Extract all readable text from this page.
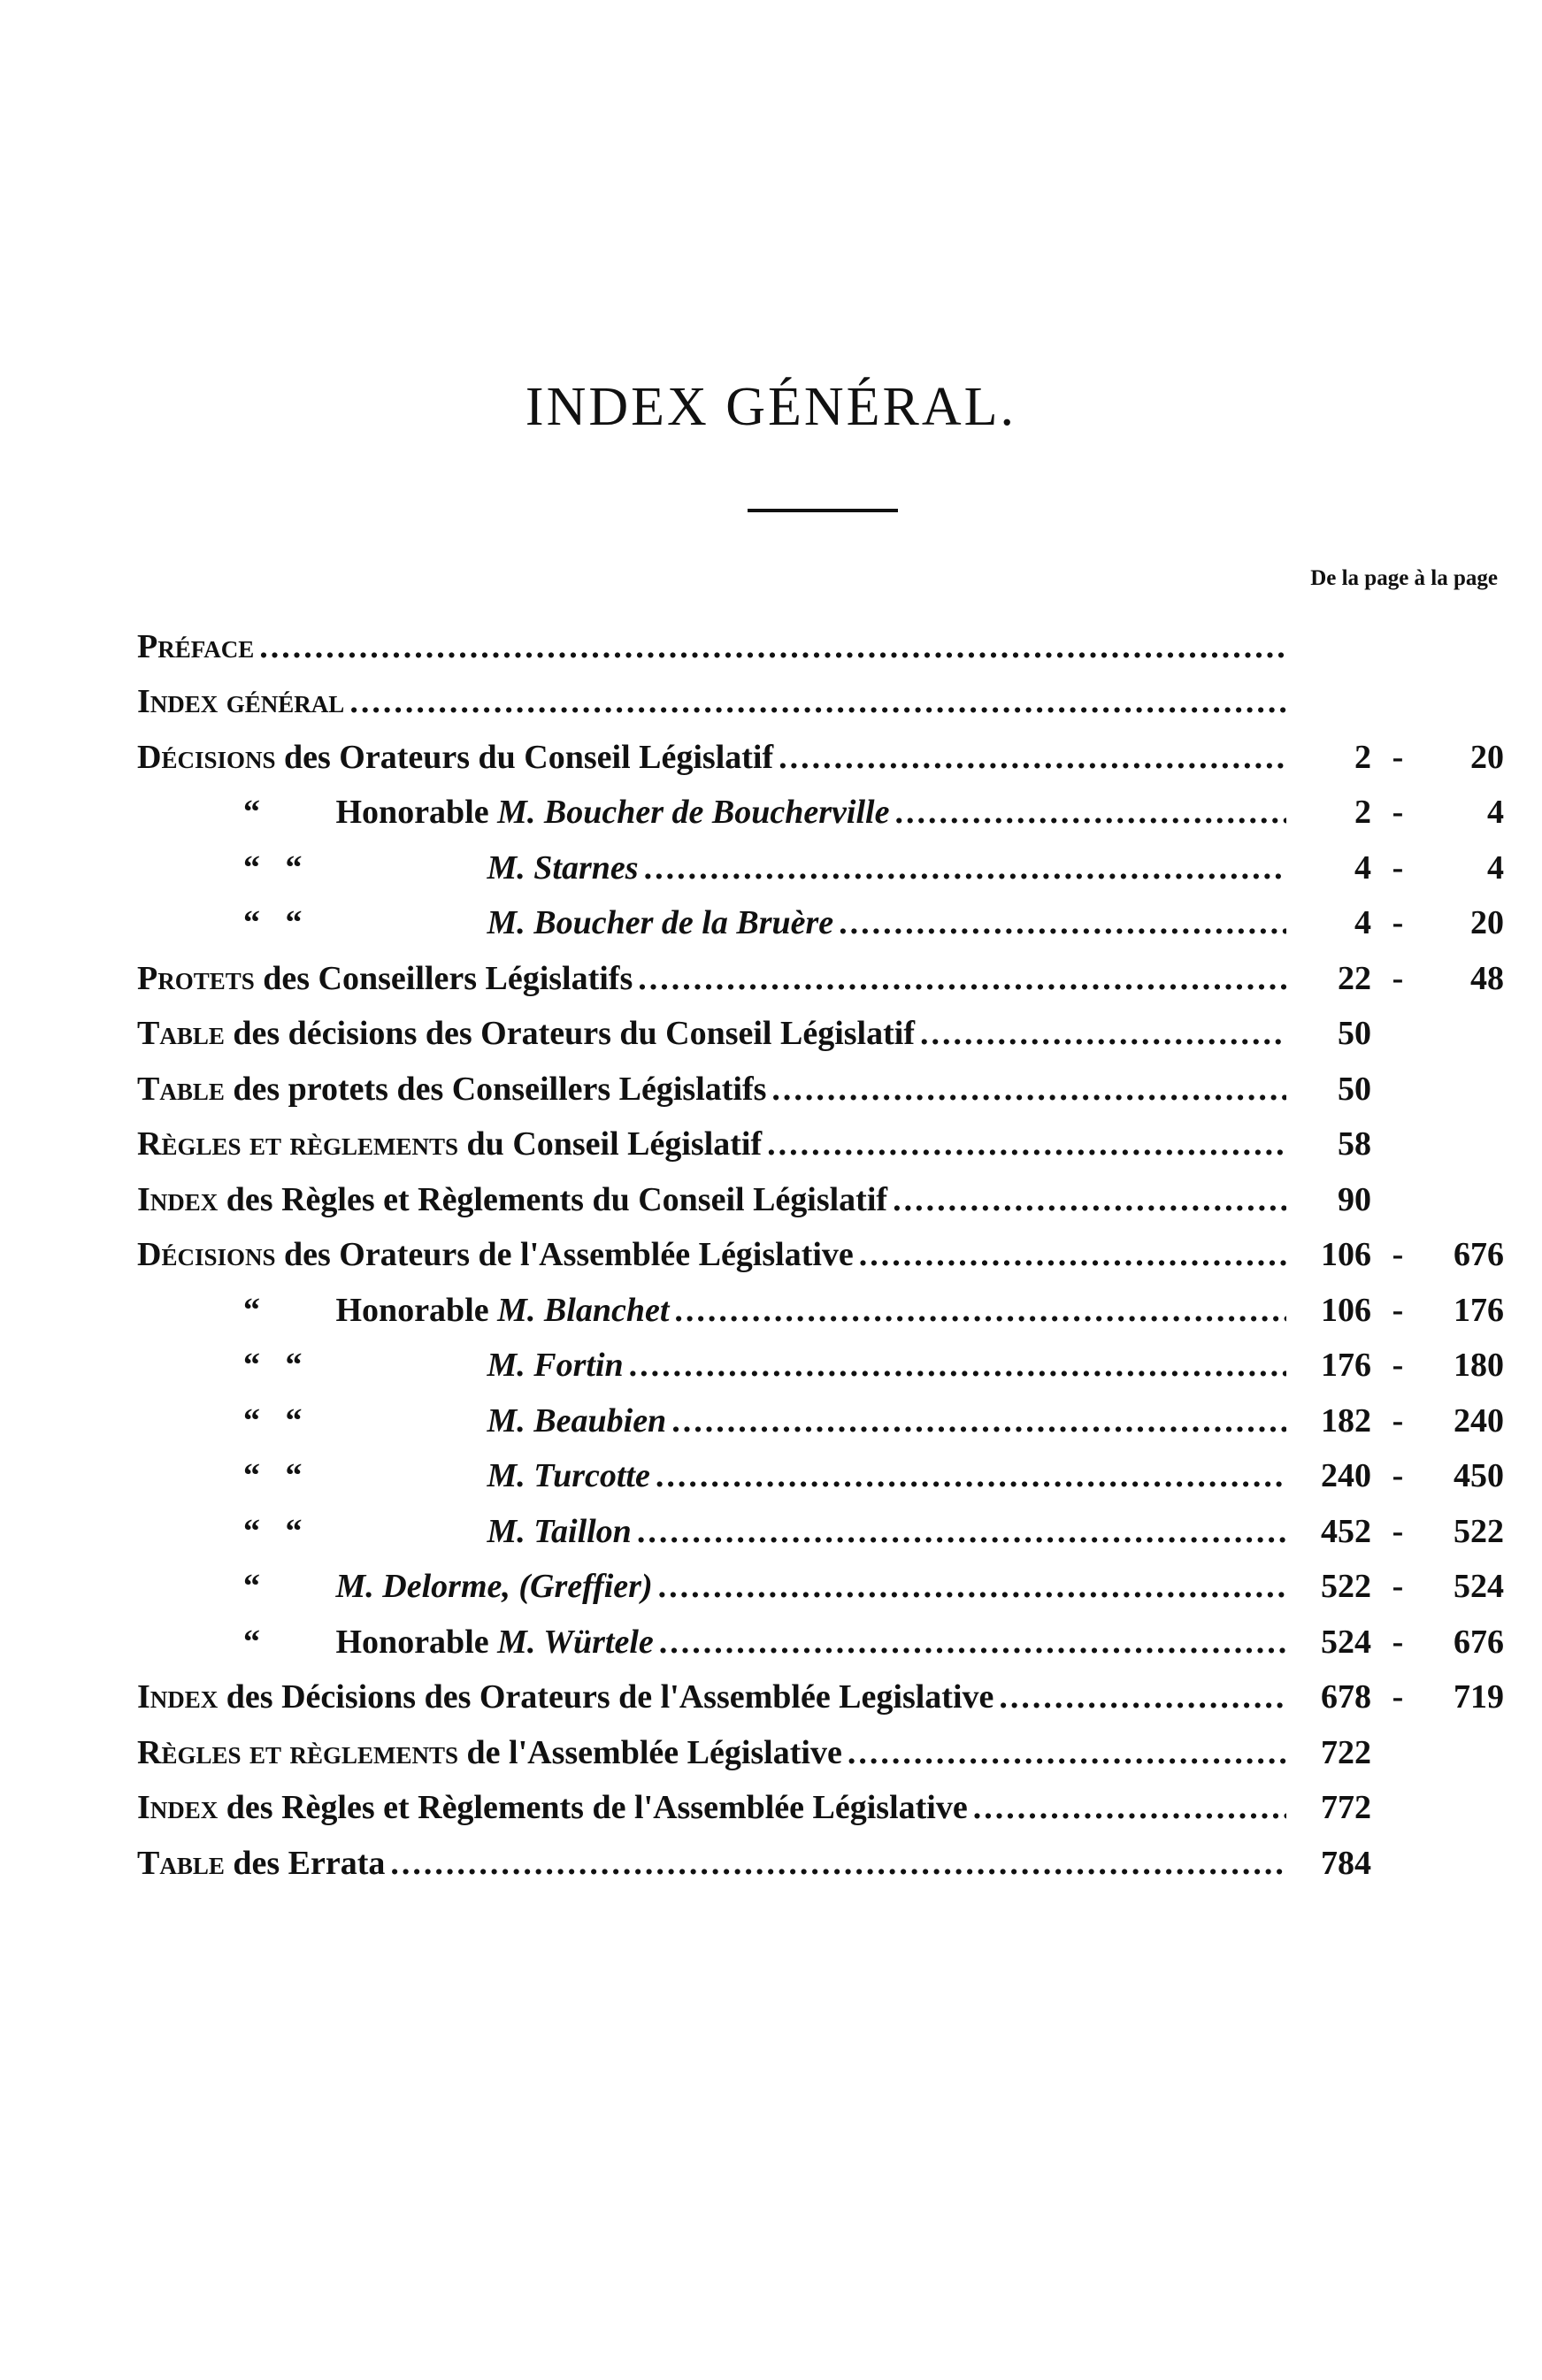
INDEX GÉNÉRAL.
De la page à la page
Préface
.....
Index général
.....
Décisions des Orateurs du Conseil Législatif .....	2 -	20
“ Honorable M. Boucher de Boucherville .....	2 -	4
“   “	M. Starnes .....	4 -	4
“   “	M. Boucher de la Bruère .....	4 -	20
Protets des Conseillers Législatifs .....	22 -	48
Table des décisions des Orateurs du Conseil Législatif .....	50
Table des protets des Conseillers Législatifs .....	50
Règles et règlements du Conseil Législatif .....	58
Index des Règles et Règlements du Conseil Législatif .....	90
Décisions des Orateurs de l'Assemblée Législative .....	106 -	676
“ Honorable M. Blanchet .....	106 -	176
“   “	M. Fortin .....	176 -	180
“   “	M. Beaubien .....	182 -	240
“   “	M. Turcotte .....	240 -	450
“   “	M. Taillon .....	452 -	522
“ M. Delorme, (Greffier) .....	522 -	524
“ Honorable M. Würtele .....	524 -	676
Index des Décisions des Orateurs de l'Assemblée Legislative .....	678 -	719
Règles et règlements de l'Assemblée Législative .....	722
Index des Règles et Règlements de l'Assemblée Législative .....	772
Table des Errata .....	784
